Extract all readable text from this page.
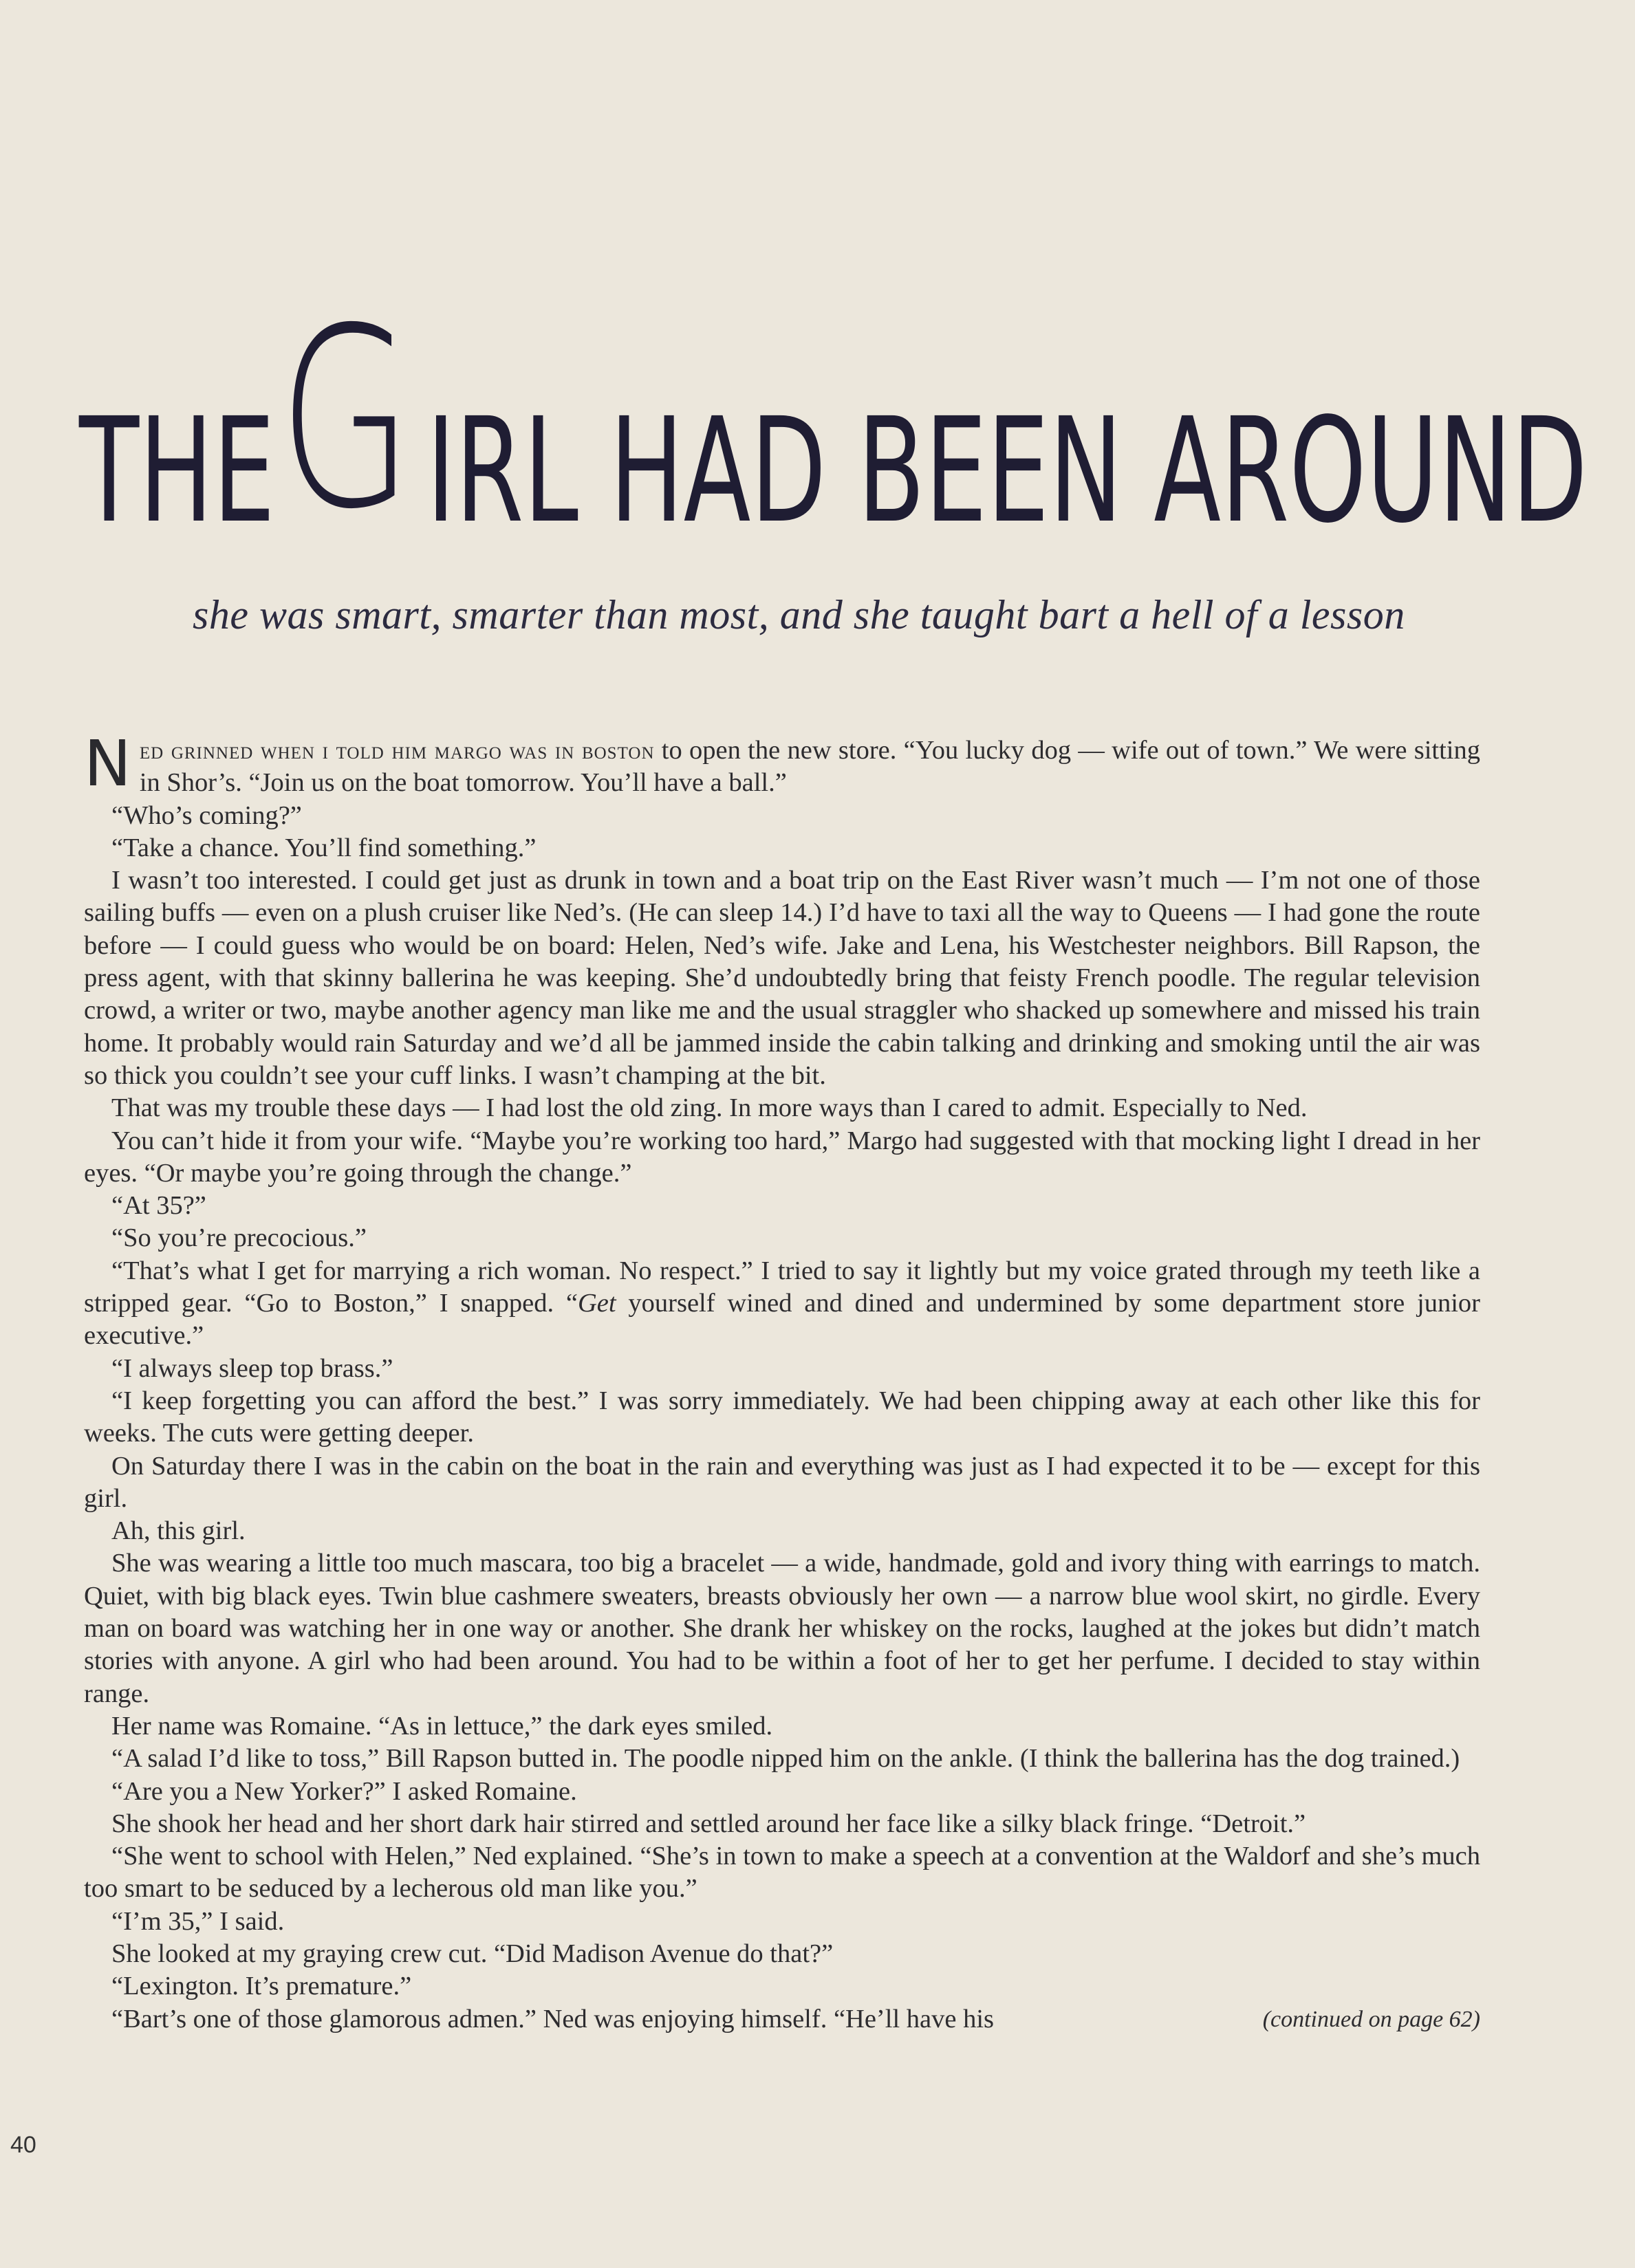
THE G IRL HAD BEEN AROUND
she was smart, smarter than most, and she taught bart a hell of a lesson

Ned grinned when i told him margo was in boston to open the new store. “You lucky dog — wife out of town.” We were sitting in Shor’s. “Join us on the boat tomorrow. You’ll have a ball.”

“Who’s coming?”

“Take a chance. You’ll find something.”

I wasn’t too interested. I could get just as drunk in town and a boat trip on the East River wasn’t much — I’m not one of those sailing buffs — even on a plush cruiser like Ned’s. (He can sleep 14.) I’d have to taxi all the way to Queens — I had gone the route before — I could guess who would be on board: Helen, Ned’s wife. Jake and Lena, his Westchester neighbors. Bill Rapson, the press agent, with that skinny ballerina he was keeping. She’d undoubtedly bring that feisty French poodle. The regular television crowd, a writer or two, maybe another agency man like me and the usual straggler who shacked up somewhere and missed his train home. It probably would rain Saturday and we’d all be jammed inside the cabin talking and drinking and smoking until the air was so thick you couldn’t see your cuff links. I wasn’t champing at the bit.

That was my trouble these days — I had lost the old zing. In more ways than I cared to admit. Especially to Ned.

You can’t hide it from your wife. “Maybe you’re working too hard,” Margo had suggested with that mocking light I dread in her eyes. “Or maybe you’re going through the change.”

“At 35?”

“So you’re precocious.”

“That’s what I get for marrying a rich woman. No respect.” I tried to say it lightly but my voice grated through my teeth like a stripped gear. “Go to Boston,” I snapped. “Get yourself wined and dined and undermined by some department store junior executive.”

“I always sleep top brass.”

“I keep forgetting you can afford the best.” I was sorry immediately. We had been chipping away at each other like this for weeks. The cuts were getting deeper.

On Saturday there I was in the cabin on the boat in the rain and everything was just as I had expected it to be — except for this girl.

Ah, this girl.

She was wearing a little too much mascara, too big a bracelet — a wide, handmade, gold and ivory thing with earrings to match. Quiet, with big black eyes. Twin blue cashmere sweaters, breasts obviously her own — a narrow blue wool skirt, no girdle. Every man on board was watching her in one way or another. She drank her whiskey on the rocks, laughed at the jokes but didn’t match stories with anyone. A girl who had been around. You had to be within a foot of her to get her perfume. I decided to stay within range.

Her name was Romaine. “As in lettuce,” the dark eyes smiled.

“A salad I’d like to toss,” Bill Rapson butted in. The poodle nipped him on the ankle. (I think the ballerina has the dog trained.)

“Are you a New Yorker?” I asked Romaine.

She shook her head and her short dark hair stirred and settled around her face like a silky black fringe. “Detroit.”

“She went to school with Helen,” Ned explained. “She’s in town to make a speech at a convention at the Waldorf and she’s much too smart to be seduced by a lecherous old man like you.”

“I’m 35,” I said.

She looked at my graying crew cut. “Did Madison Avenue do that?”

“Lexington. It’s premature.”

“Bart’s one of those glamorous admen.” Ned was enjoying himself. “He’ll have his	(continued on page 62)

40
